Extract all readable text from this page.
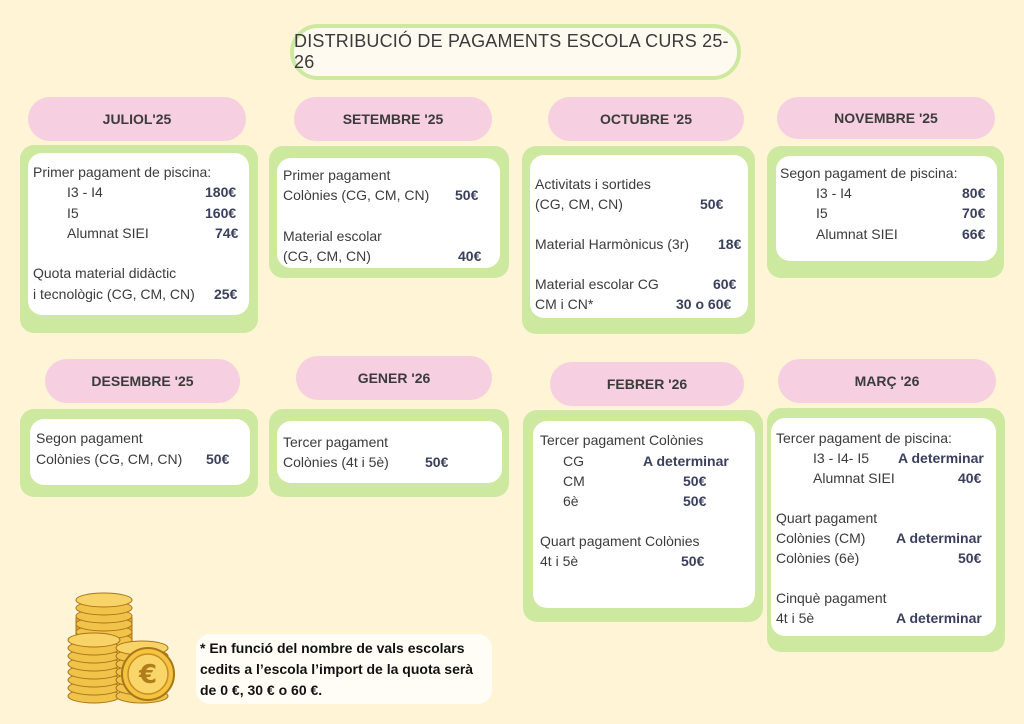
DISTRIBUCIÓ DE PAGAMENTS ESCOLA CURS 25-26
JULIOL'25
Primer pagament de piscina:
I3 - I4	180€
I5	160€
Alumnat SIEI	74€
Quota material didàctic
i tecnològic (CG, CM, CN) 25€
SETEMBRE '25
Primer pagament
Colònies (CG, CM, CN) 50€
Material escolar
(CG, CM, CN)	40€
OCTUBRE '25
Activitats i sortides
(CG, CM, CN)	50€
Material Harmònicus (3r) 18€
Material escolar CG	60€
CM i CN*	30 o 60€
NOVEMBRE '25
Segon pagament de piscina:
I3 - I4	80€
I5	70€
Alumnat SIEI	66€
DESEMBRE '25
Segon pagament
Colònies (CG, CM, CN) 50€
GENER '26
Tercer pagament
Colònies (4t i 5è)	50€
FEBRER '26
Tercer pagament Colònies
CG	A determinar
CM	50€
6è	50€
Quart pagament Colònies
4t i 5è	50€
MARÇ '26
Tercer pagament de piscina:
I3 - I4- I5 A determinar
Alumnat SIEI	40€
Quart pagament
Colònies (CM) A determinar
Colònies (6è)	50€
Cinquè pagament
4t i 5è	A determinar
€
* En funció del nombre de vals escolars
cedits a l’escola l’import de la quota serà
de 0 €, 30 € o 60 €.
